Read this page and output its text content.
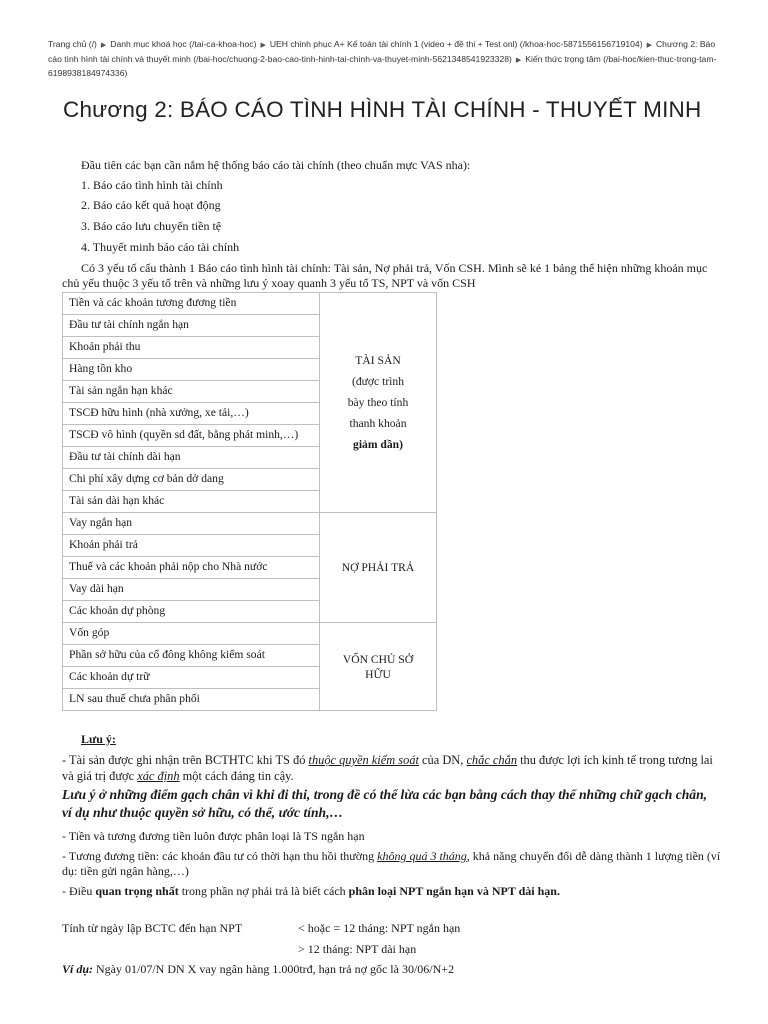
Trang chủ (/) ▶ Danh mục khoá học (/tai-ca-khoa-hoc) ▶ UEH chinh phục A+ Kế toán tài chính 1 (video + đề thi + Test onl) (/khoa-hoc-5871556156719104) ▶ Chương 2: Báo cáo tình hình tài chính và thuyết minh (/bai-hoc/chuong-2-bao-cao-tinh-hinh-tai-chinh-va-thuyet-minh-5621348541923328) ▶ Kiến thức trọng tâm (/bai-hoc/kien-thuc-trong-tam-6198938184974336)
Chương 2: BÁO CÁO TÌNH HÌNH TÀI CHÍNH - THUYẾT MINH
Đầu tiên các bạn cần nắm hệ thống báo cáo tài chính (theo chuẩn mực VAS nha):
1. Báo cáo tình hình tài chính
2. Báo cáo kết quả hoạt động
3. Báo cáo lưu chuyển tiền tệ
4. Thuyết minh báo cáo tài chính
Có 3 yếu tố cấu thành 1 Báo cáo tình hình tài chính: Tài sản, Nợ phải trả, Vốn CSH. Mình sẽ kẻ 1 bảng thể hiện những khoản mục chủ yếu thuộc 3 yếu tố trên và những lưu ý xoay quanh 3 yếu tố TS, NPT và vốn CSH
Tiền và các khoản tương đương tiền	TÀI SẢN
(được trình
bày theo tính
thanh khoản
giảm dần)

Đầu tư tài chính ngắn hạn	
Khoản phải thu	
Hàng tồn kho	
Tài sản ngắn hạn khác	
TSCĐ hữu hình (nhà xưởng, xe tải,…)	
TSCĐ vô hình (quyền sd đất, bằng phát minh,…)	
Đầu tư tài chính dài hạn	
Chi phí xây dựng cơ bản dở dang	
Tài sản dài hạn khác	
Vay ngắn hạn	NỢ PHẢI TRẢ
Khoản phải trả	
Thuế và các khoản phải nộp cho Nhà nước	
Vay dài hạn	
Các khoản dự phòng	
Vốn góp	VỐN CHỦ SỞ
HỮU

Phần sở hữu của cổ đông không kiểm soát	
Các khoản dự trữ	
LN sau thuế chưa phân phối	
Lưu ý:
- Tài sản được ghi nhận trên BCTHTC khi TS đó thuộc quyền kiểm soát của DN, chắc chắn thu được lợi ích kinh tế trong tương lai và giá trị được xác định một cách đáng tin cậy.
Lưu ý ở những điểm gạch chân vì khi đi thi, trong đề có thể lừa các bạn bằng cách thay thế những chữ gạch chân, ví dụ như thuộc quyền sở hữu, có thể, ước tính,…
- Tiền và tương đương tiền luôn được phân loại là TS ngắn hạn
- Tương đương tiền: các khoản đầu tư có thời hạn thu hồi thường không quá 3 tháng, khả năng chuyển đổi dễ dàng thành 1 lượng tiền (ví dụ: tiền gửi ngân hàng,…)
- Điều quan trọng nhất trong phần nợ phải trả là biết cách phân loại NPT ngắn hạn và NPT dài hạn.
Tính từ ngày lập BCTC đến hạn NPT	< hoặc = 12 tháng: NPT ngắn hạn
> 12 tháng: NPT dài hạn
Ví dụ: Ngày 01/07/N DN X vay ngân hàng 1.000trđ, hạn trả nợ gốc là 30/06/N+2
